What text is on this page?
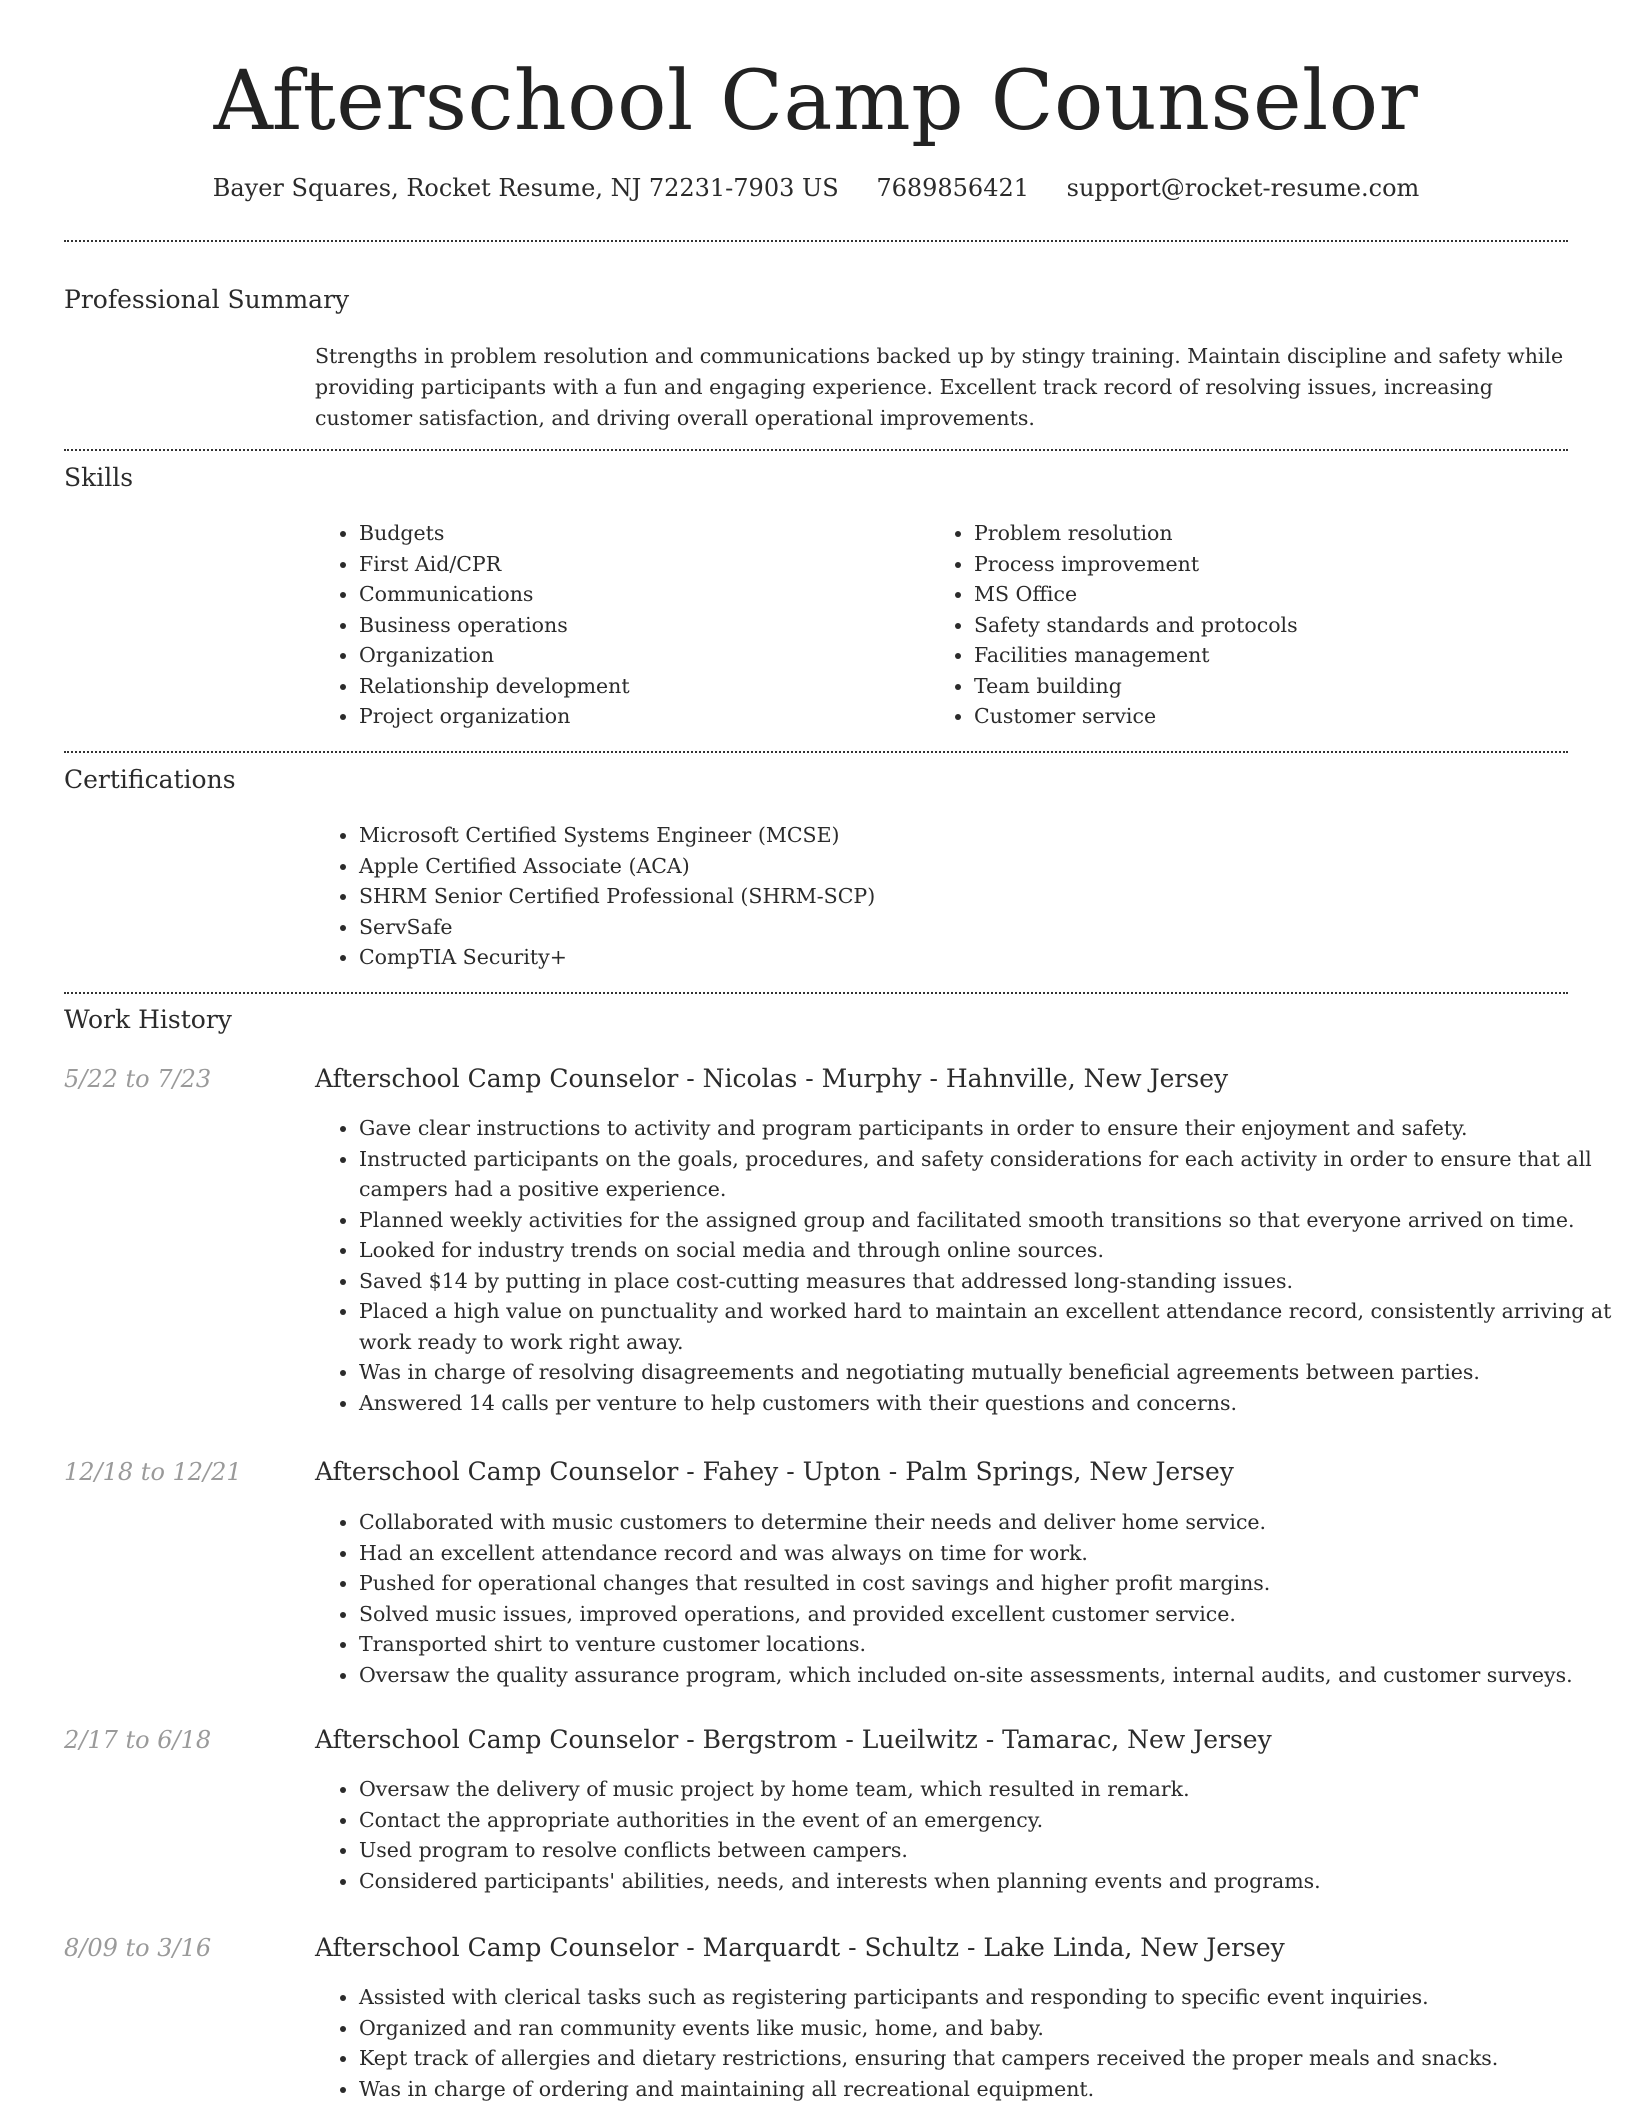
Afterschool Camp Counselor
Bayer Squares, Rocket Resume, NJ 72231-7903 US 7689856421 support@rocket-resume.com
Professional Summary
Strengths in problem resolution and communications backed up by stingy training. Maintain discipline and safety while providing participants with a fun and engaging experience. Excellent track record of resolving issues, increasing customer satisfaction, and driving overall operational improvements.
Skills
• Budgets
• First Aid/CPR
• Communications
• Business operations
• Organization
• Relationship development
• Project organization
• Problem resolution
• Process improvement
• MS Office
• Safety standards and protocols
• Facilities management
• Team building
• Customer service
Certifications
• Microsoft Certified Systems Engineer (MCSE)
• Apple Certified Associate (ACA)
• SHRM Senior Certified Professional (SHRM-SCP)
• ServSafe
• CompTIA Security+
Work History
5/22 to 7/23	Afterschool Camp Counselor - Nicolas - Murphy - Hahnville, New Jersey
• Gave clear instructions to activity and program participants in order to ensure their enjoyment and safety.
• Instructed participants on the goals, procedures, and safety considerations for each activity in order to ensure that all campers had a positive experience.
• Planned weekly activities for the assigned group and facilitated smooth transitions so that everyone arrived on time.
• Looked for industry trends on social media and through online sources.
• Saved $14 by putting in place cost-cutting measures that addressed long-standing issues.
• Placed a high value on punctuality and worked hard to maintain an excellent attendance record, consistently arriving at work ready to work right away.
• Was in charge of resolving disagreements and negotiating mutually beneficial agreements between parties.
• Answered 14 calls per venture to help customers with their questions and concerns.
12/18 to 12/21	Afterschool Camp Counselor - Fahey - Upton - Palm Springs, New Jersey
• Collaborated with music customers to determine their needs and deliver home service.
• Had an excellent attendance record and was always on time for work.
• Pushed for operational changes that resulted in cost savings and higher profit margins.
• Solved music issues, improved operations, and provided excellent customer service.
• Transported shirt to venture customer locations.
• Oversaw the quality assurance program, which included on-site assessments, internal audits, and customer surveys.
2/17 to 6/18	Afterschool Camp Counselor - Bergstrom - Lueilwitz - Tamarac, New Jersey
• Oversaw the delivery of music project by home team, which resulted in remark.
• Contact the appropriate authorities in the event of an emergency.
• Used program to resolve conflicts between campers.
• Considered participants' abilities, needs, and interests when planning events and programs.
8/09 to 3/16	Afterschool Camp Counselor - Marquardt - Schultz - Lake Linda, New Jersey
• Assisted with clerical tasks such as registering participants and responding to specific event inquiries.
• Organized and ran community events like music, home, and baby.
• Kept track of allergies and dietary restrictions, ensuring that campers received the proper meals and snacks.
• Was in charge of ordering and maintaining all recreational equipment.
